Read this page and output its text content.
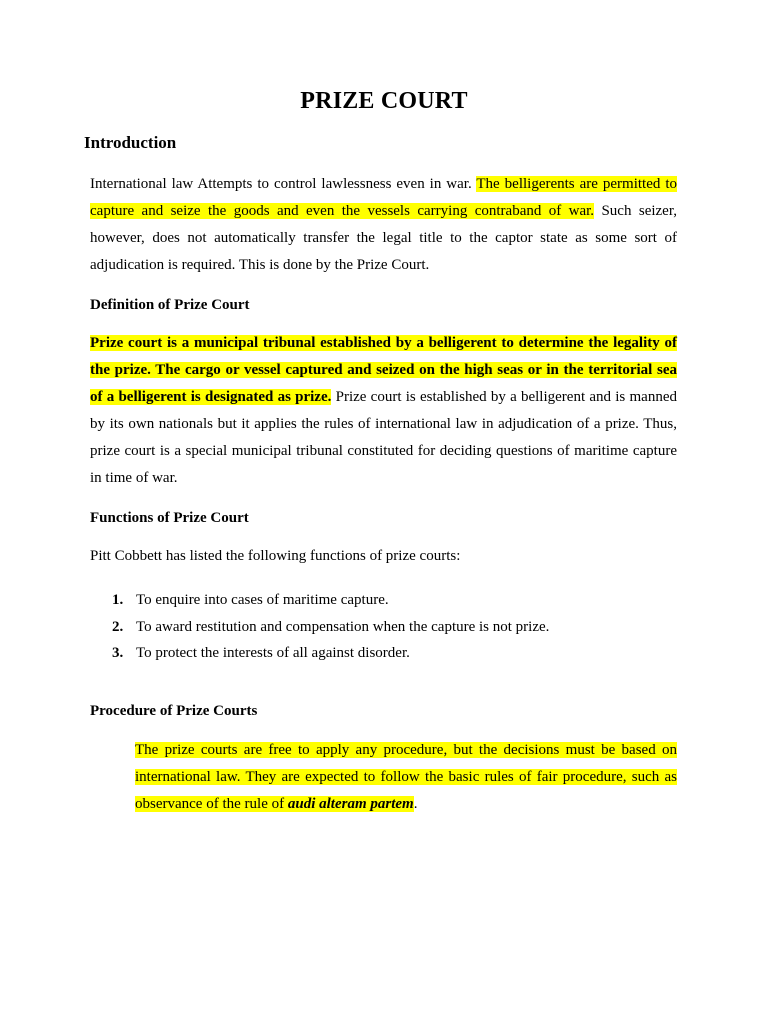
PRIZE COURT
Introduction

International law Attempts to control lawlessness even in war. The belligerents are permitted to capture and seize the goods and even the vessels carrying contraband of war. Such seizer, however, does not automatically transfer the legal title to the captor state as some sort of adjudication is required. This is done by the Prize Court.

Definition of Prize Court

Prize court is a municipal tribunal established by a belligerent to determine the legality of the prize. The cargo or vessel captured and seized on the high seas or in the territorial sea of a belligerent is designated as prize. Prize court is established by a belligerent and is manned by its own nationals but it applies the rules of international law in adjudication of a prize. Thus, prize court is a special municipal tribunal constituted for deciding questions of maritime capture in time of war.

Functions of Prize Court

Pitt Cobbett has listed the following functions of prize courts:

1. To enquire into cases of maritime capture.
2. To award restitution and compensation when the capture is not prize.
3. To protect the interests of all against disorder.
Procedure of Prize Courts

The prize courts are free to apply any procedure, but the decisions must be based on international law. They are expected to follow the basic rules of fair procedure, such as observance of the rule of audi alteram partem.
